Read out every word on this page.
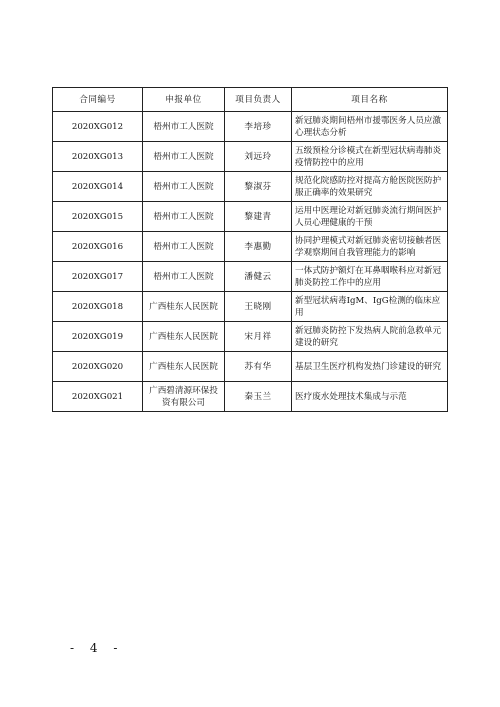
合同编号	申报单位	项目负责人	项目名称
2020XG012	梧州市工人医院	李培珍	新冠肺炎期间梧州市援鄂医务人员应激心理状态分析
2020XG013	梧州市工人医院	刘远玲	五级预检分诊模式在新型冠状病毒肺炎疫情防控中的应用
2020XG014	梧州市工人医院	黎淑芬	规范化院感防控对提高方舱医院医防护服正确率的效果研究
2020XG015	梧州市工人医院	黎建青	运用中医理论对新冠肺炎流行期间医护人员心理健康的干预
2020XG016	梧州市工人医院	李惠勤	协同护理模式对新冠肺炎密切接触者医学观察期间自我管理能力的影响
2020XG017	梧州市工人医院	潘健云	一体式防护额灯在耳鼻咽喉科应对新冠肺炎防控工作中的应用
2020XG018	广西桂东人民医院	王晓刚	新型冠状病毒IgM、IgG检测的临床应用
2020XG019	广西桂东人民医院	宋月祥	新冠肺炎防控下发热病人院前急救单元建设的研究
2020XG020	广西桂东人民医院	苏有华	基层卫生医疗机构发热门诊建设的研究
2020XG021	广西碧清源环保投资有限公司	秦玉兰	医疗废水处理技术集成与示范
- 4 -
